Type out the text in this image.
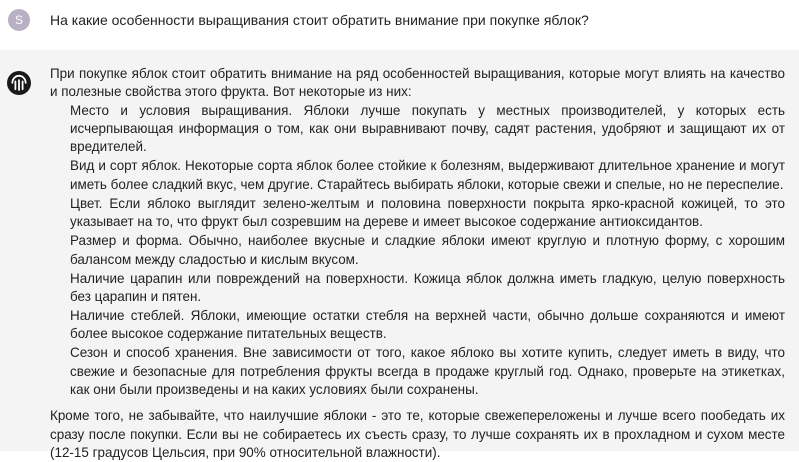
S	На какие особенности выращивания стоит обратить внимание при покупке яблок?

При покупке яблок стоит обратить внимание на ряд особенностей выращивания, которые могут влиять на качество и полезные свойства этого фрукта. Вот некоторые из них:

Место и условия выращивания. Яблоки лучше покупать у местных производителей, у которых есть исчерпывающая информация о том, как они выравнивают почву, садят растения, удобряют и защищают их от вредителей.
Вид и сорт яблок. Некоторые сорта яблок более стойкие к болезням, выдерживают длительное хранение и могут иметь более сладкий вкус, чем другие. Старайтесь выбирать яблоки, которые свежи и спелые, но не переспелие.
Цвет. Если яблоко выглядит зелено-желтым и половина поверхности покрыта ярко-красной кожицей, то это указывает на то, что фрукт был созревшим на дереве и имеет высокое содержание антиоксидантов.
Размер и форма. Обычно, наиболее вкусные и сладкие яблоки имеют круглую и плотную форму, с хорошим балансом между сладостью и кислым вкусом.
Наличие царапин или повреждений на поверхности. Кожица яблок должна иметь гладкую, целую поверхность без царапин и пятен.
Наличие стеблей. Яблоки, имеющие остатки стебля на верхней части, обычно дольше сохраняются и имеют более высокое содержание питательных веществ.
Сезон и способ хранения. Вне зависимости от того, какое яблоко вы хотите купить, следует иметь в виду, что свежие и безопасные для потребления фрукты всегда в продаже круглый год. Однако, проверьте на этикетках, как они были произведены и на каких условиях были сохранены.

Кроме того, не забывайте, что наилучшие яблоки - это те, которые свежепереложены и лучше всего пообедать их сразу после покупки. Если вы не собираетесь их съесть сразу, то лучше сохранять их в прохладном и сухом месте (12-15 градусов Цельсия, при 90% относительной влажности).
